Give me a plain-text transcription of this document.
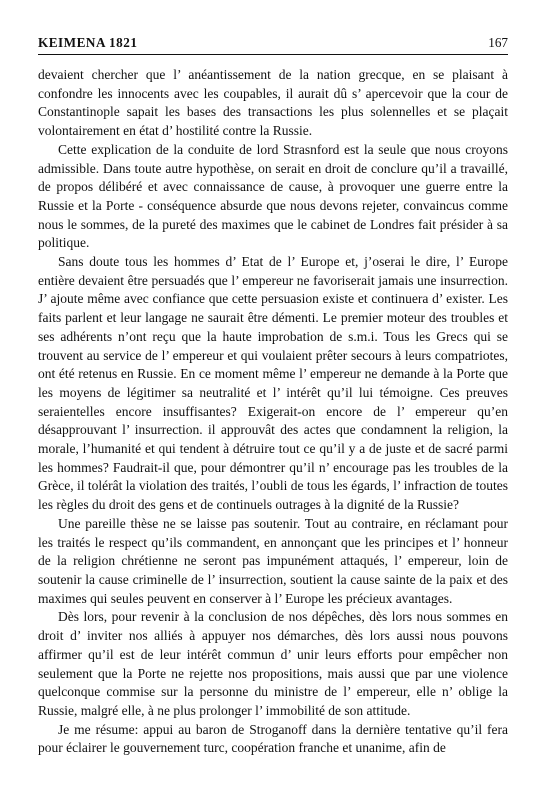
KEIMENA 1821	167

devaient chercher que l’ anéantissement de la nation grecque, en se plaisant à confondre les innocents avec les coupables, il aurait dû s’ apercevoir que la cour de Constantinople sapait les bases des transactions les plus solennelles et se plaçait volontairement en état d’ hostilité contre la Russie.

Cette explication de la conduite de lord Strasnford est la seule que nous croyons admissible. Dans toute autre hypothèse, on serait en droit de conclure qu’il a travaillé, de propos délibéré et avec connaissance de cause, à provoquer une guerre entre la Russie et la Porte - conséquence absurde que nous devons rejeter, convaincus comme nous le sommes, de la pureté des maximes que le cabinet de Londres fait présider à sa politique.

Sans doute tous les hommes d’ Etat de l’ Europe et, j’oserai le dire, l’ Europe entière devaient être persuadés que l’ empereur ne favoriserait jamais une insurrection. J’ ajoute même avec confiance que cette persuasion existe et continuera d’ exister. Les faits parlent et leur langage ne saurait être démenti. Le premier moteur des troubles et ses adhérents n’ont reçu que la haute improbation de s.m.i. Tous les Grecs qui se trouvent au service de l’ empereur et qui voulaient prêter secours à leurs compatriotes, ont été retenus en Russie. En ce moment même l’ empereur ne demande à la Porte que les moyens de légitimer sa neutralité et l’ intérêt qu’il lui témoigne. Ces preuves seraientelles encore insuffisantes? Exigerait-on encore de l’ empereur qu’en désapprouvant l’ insurrection. il approuvât des actes que condamnent la religion, la morale, l’humanité et qui tendent à détruire tout ce qu’il y a de juste et de sacré parmi les hommes? Faudrait-il que, pour démontrer qu’il n’ encourage pas les troubles de la Grèce, il tolérât la violation des traités, l’oubli de tous les égards, l’ infraction de toutes les règles du droit des gens et de continuels outrages à la dignité de la Russie?

Une pareille thèse ne se laisse pas soutenir. Tout au contraire, en réclamant pour les traités le respect qu’ils commandent, en annonçant que les principes et l’ honneur de la religion chrétienne ne seront pas impunément attaqués, l’ empereur, loin de soutenir la cause criminelle de l’ insurrection, soutient la cause sainte de la paix et des maximes qui seules peuvent en conserver à l’ Europe les précieux avantages.

Dès lors, pour revenir à la conclusion de nos dépêches, dès lors nous sommes en droit d’ inviter nos alliés à appuyer nos démarches, dès lors aussi nous pouvons affirmer qu’il est de leur intérêt commun d’ unir leurs efforts pour empêcher non seulement que la Porte ne rejette nos propositions, mais aussi que par une violence quelconque commise sur la personne du ministre de l’ empereur, elle n’ oblige la Russie, malgré elle, à ne plus prolonger l’ immobilité de son attitude.

Je me résume: appui au baron de Stroganoff dans la dernière tentative qu’il fera pour éclairer le gouvernement turc, coopération franche et unanime, afin de
